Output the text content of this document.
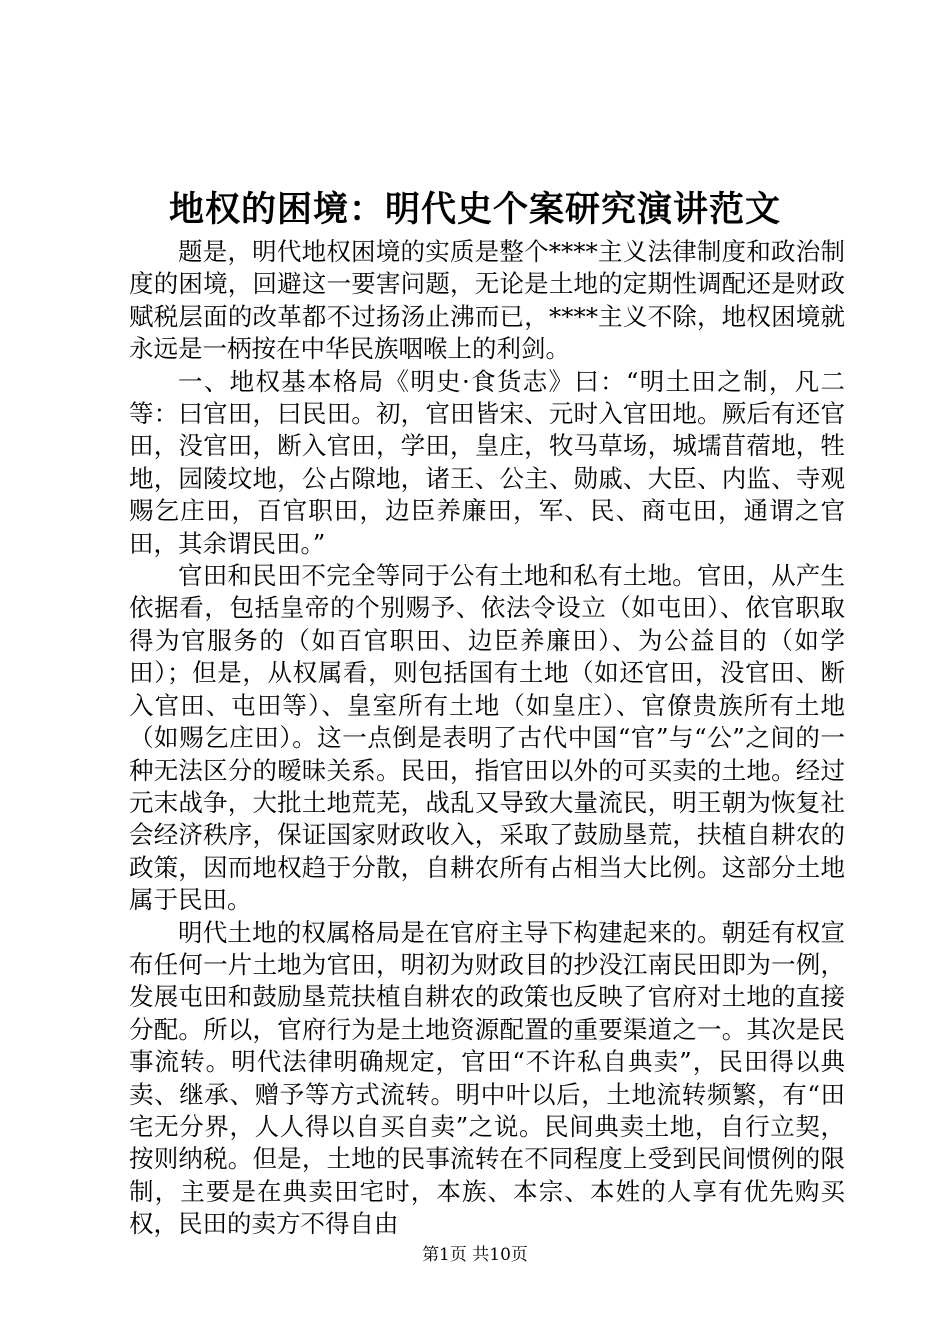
地权的困境：明代史个案研究演讲范文

题是，明代地权困境的实质是整个****主义法律制度和政治制度的困境，回避这一要害问题，无论是土地的定期性调配还是财政赋税层面的改革都不过扬汤止沸而已，****主义不除，地权困境就永远是一柄按在中华民族咽喉上的利剑。

一、地权基本格局《明史·食货志》曰：“明土田之制，凡二等：曰官田，曰民田。初，官田皆宋、元时入官田地。厥后有还官田，没官田，断入官田，学田，皇庄，牧马草场，城壖苜蓿地，牲地，园陵坟地，公占隙地，诸王、公主、勋戚、大臣、内监、寺观赐乞庄田，百官职田，边臣养廉田，军、民、商屯田，通谓之官田，其余谓民田。”

官田和民田不完全等同于公有土地和私有土地。官田，从产生依据看，包括皇帝的个别赐予、依法令设立（如屯田）、依官职取得为官服务的（如百官职田、边臣养廉田）、为公益目的（如学田）；但是，从权属看，则包括国有土地（如还官田，没官田、断入官田、屯田等）、皇室所有土地（如皇庄）、官僚贵族所有土地（如赐乞庄田）。这一点倒是表明了古代中国“官”与“公”之间的一种无法区分的暧昧关系。民田，指官田以外的可买卖的土地。经过元末战争，大批土地荒芜，战乱又导致大量流民，明王朝为恢复社会经济秩序，保证国家财政收入，采取了鼓励垦荒，扶植自耕农的政策，因而地权趋于分散，自耕农所有占相当大比例。这部分土地属于民田。

明代土地的权属格局是在官府主导下构建起来的。朝廷有权宣布任何一片土地为官田，明初为财政目的抄没江南民田即为一例，发展屯田和鼓励垦荒扶植自耕农的政策也反映了官府对土地的直接分配。所以，官府行为是土地资源配置的重要渠道之一。其次是民事流转。明代法律明确规定，官田“不许私自典卖”，民田得以典卖、继承、赠予等方式流转。明中叶以后，土地流转频繁，有“田宅无分界，人人得以自买自卖”之说。民间典卖土地，自行立契，按则纳税。但是，土地的民事流转在不同程度上受到民间惯例的限制，主要是在典卖田宅时，本族、本宗、本姓的人享有优先购买权，民田的卖方不得自由

第1页 共10页
